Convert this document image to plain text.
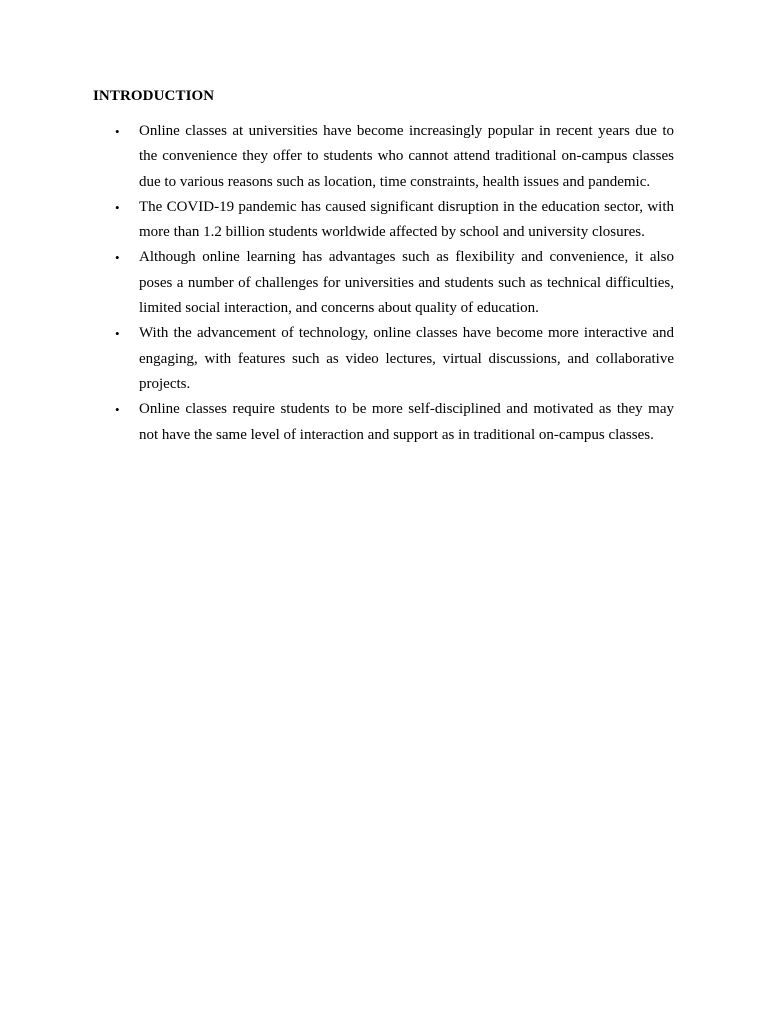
INTRODUCTION
•	Online classes at universities have become increasingly popular in recent years due to the convenience they offer to students who cannot attend traditional on-campus classes due to various reasons such as location, time constraints, health issues and pandemic.
•	The COVID-19 pandemic has caused significant disruption in the education sector, with more than 1.2 billion students worldwide affected by school and university closures.
•	Although online learning has advantages such as flexibility and convenience, it also poses a number of challenges for universities and students such as technical difficulties, limited social interaction, and concerns about quality of education.
•	With the advancement of technology, online classes have become more interactive and engaging, with features such as video lectures, virtual discussions, and collaborative projects.
•	Online classes require students to be more self-disciplined and motivated as they may not have the same level of interaction and support as in traditional on-campus classes.
